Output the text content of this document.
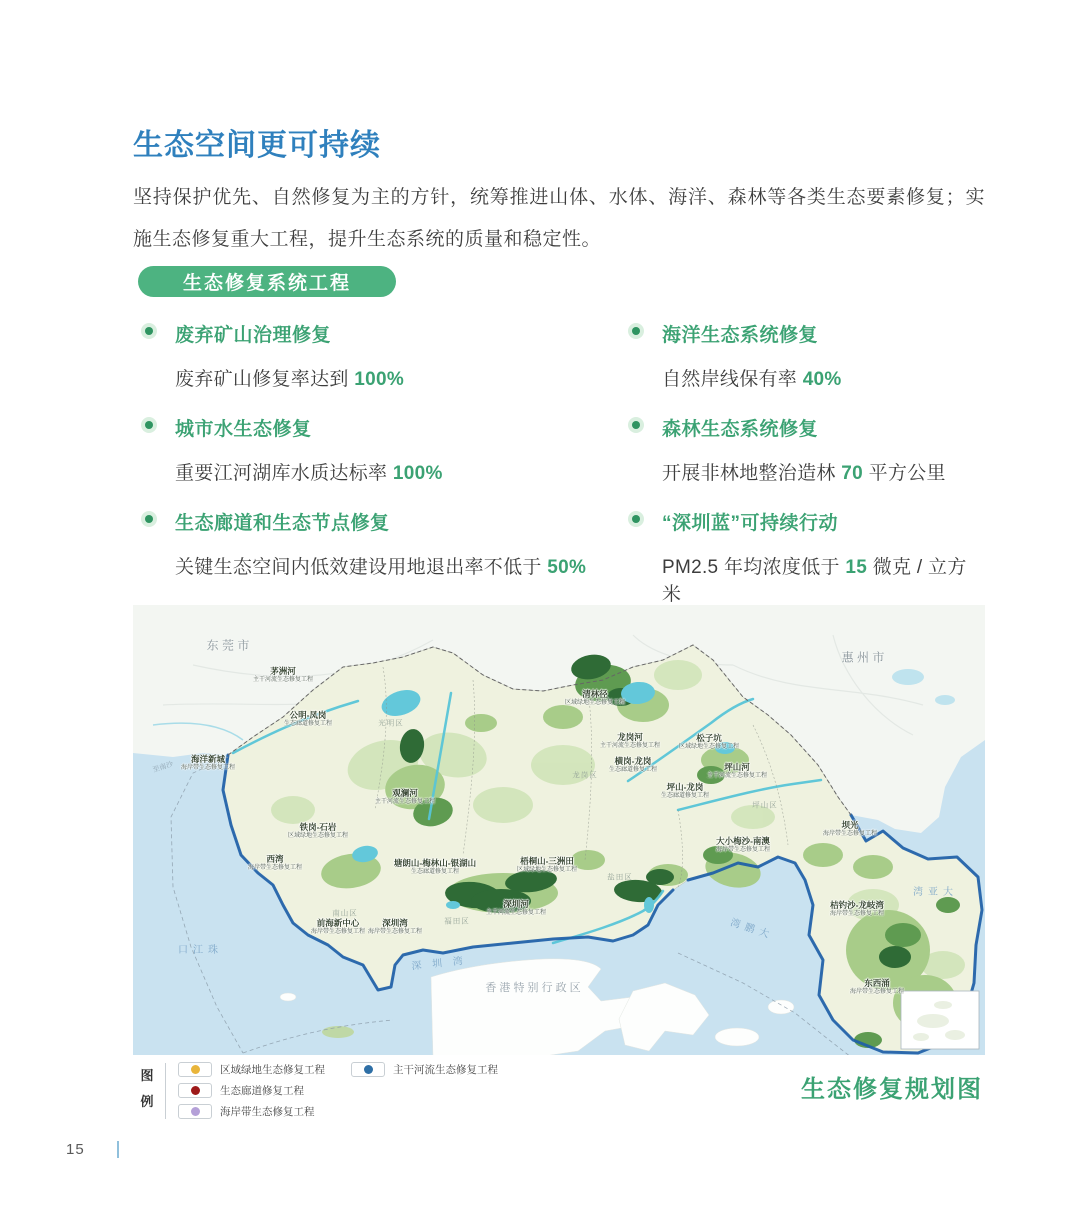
生态空间更可持续

坚持保护优先、自然修复为主的方针，统筹推进山体、水体、海洋、森林等各类生态要素修复；实施生态修复重大工程，提升生态系统的质量和稳定性。

生态修复系统工程
废弃矿山治理修复
废弃矿山修复率达到 100%
海洋生态系统修复
自然岸线保有率 40%
城市水生态修复
重要江河湖库水质达标率 100%
森林生态系统修复
开展非林地整治造林 70 平方公里
生态廊道和生态节点修复
关键生态空间内低效建设用地退出率不低于 50%
“深圳蓝”可持续行动
PM2.5 年均浓度低于 15 微克 / 立方米
茅洲河
主干河流生态修复工程
公明-凤岗
生态廊道修复工程
海洋新城
海岸带生态修复工程
观澜河
主干河流生态修复工程
铁岗-石岩
区域绿地生态修复工程
西湾
海岸带生态修复工程
前海新中心
海岸带生态修复工程
深圳湾
海岸带生态修复工程
深圳河
主干河流生态修复工程
塘朗山-梅林山-银湖山
生态廊道修复工程
梧桐山-三洲田
区域绿地生态修复工程
清林径
区域绿地生态修复工程
龙岗河
主干河流生态修复工程
松子坑
区域绿地生态修复工程
横岗-龙岗
生态廊道修复工程	坪山河
主干河流生态修复工程
坪山-龙岗
生态廊道修复工程
大小梅沙-南澳
海岸带生态修复工程
坝光
海岸带生态修复工程
桔钓沙-龙岐湾
海岸带生态修复工程
东西涌
海岸带生态修复工程
东 莞 市
惠 州 市
香 港 特 别 行 政 区
珠
江
口
深 圳 湾
大
鹏
湾
大
亚
湾
光明区
龙岗区
坪山区
南山区
福田区
盐田区
至南沙
图例
区域绿地生态修复工程
生态廊道修复工程
海岸带生态修复工程
主干河流生态修复工程
生态修复规划图
15
